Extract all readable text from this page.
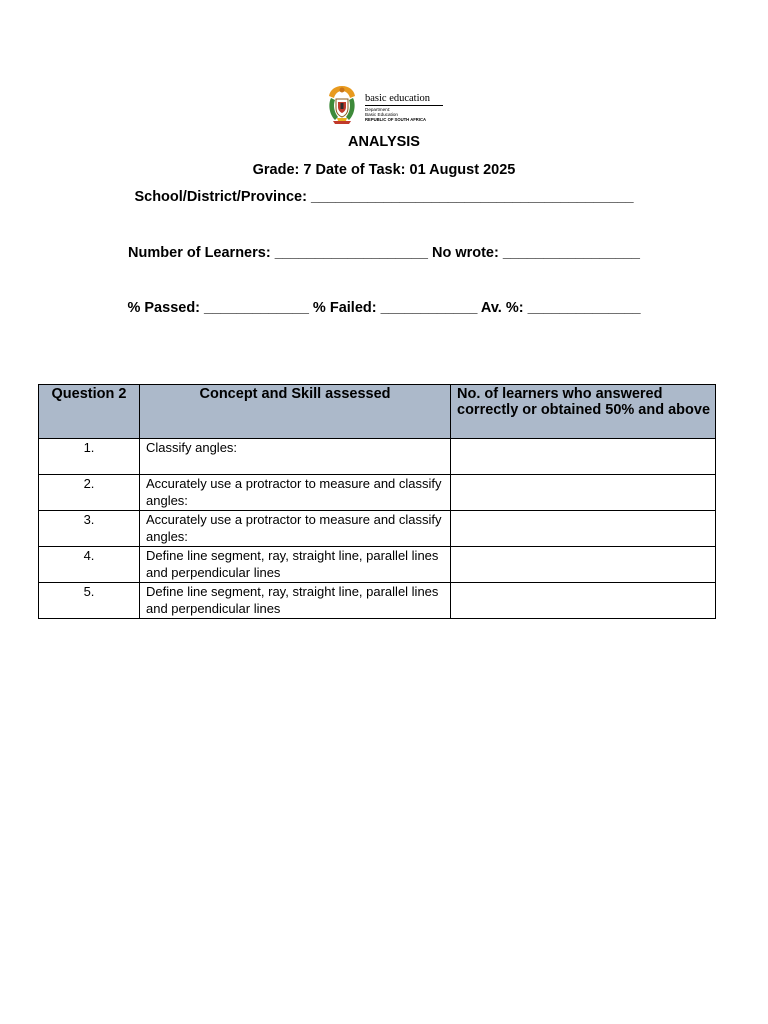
basic education
Department:
Basic Education
REPUBLIC OF SOUTH AFRICA
ANALYSIS
Grade: 7 Date of Task: 01 August 2025
School/District/Province: ________________________________________
Number of Learners: ___________________ No wrote: _________________
% Passed: _____________ % Failed: ____________ Av. %: ______________
Question 2	Concept and Skill assessed	No. of learners who answered correctly or obtained 50% and above
1.	Classify angles:	
2.	Accurately use a protractor to measure and classify angles:	
3.	Accurately use a protractor to measure and classify angles:	
4.	Define line segment, ray, straight line, parallel lines and perpendicular lines	
5.	Define line segment, ray, straight line, parallel lines and perpendicular lines	
